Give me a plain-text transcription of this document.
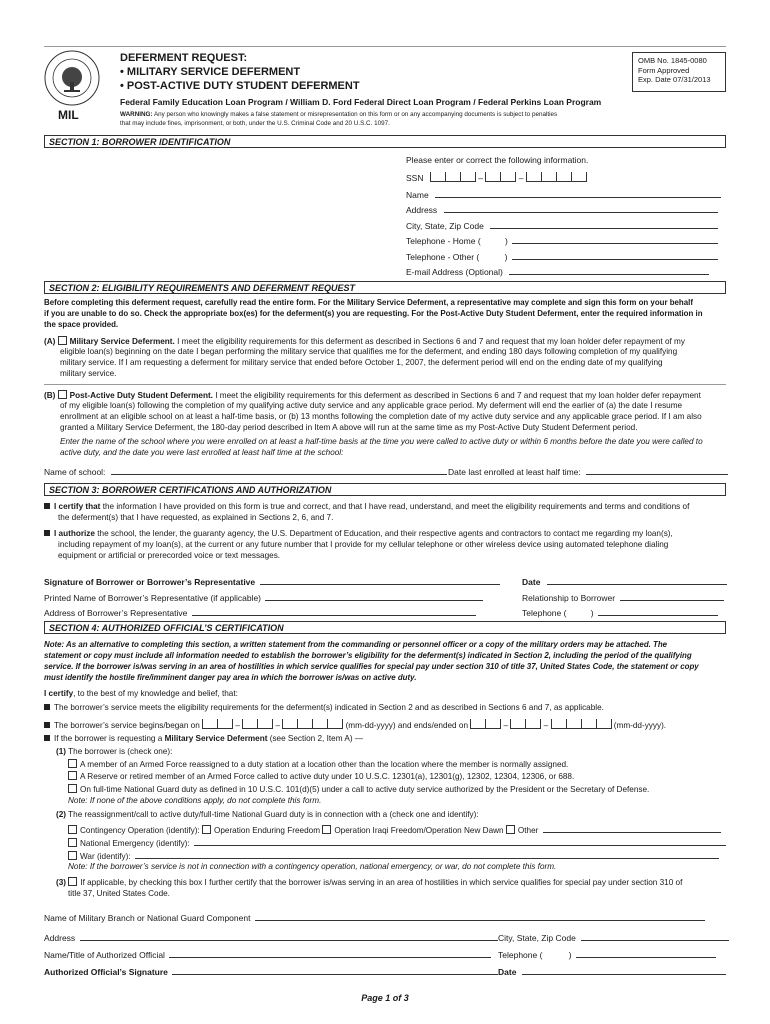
MIL
DEFERMENT REQUEST:
• MILITARY SERVICE DEFERMENT
• POST-ACTIVE DUTY STUDENT DEFERMENT
OMB No. 1845-0080
Form Approved
Exp. Date 07/31/2013
Federal Family Education Loan Program / William D. Ford Federal Direct Loan Program / Federal Perkins Loan Program
WARNING: Any person who knowingly makes a false statement or misrepresentation on this form or on any accompanying documents is subject to penalties
that may include fines, imprisonment, or both, under the U.S. Criminal Code and 20 U.S.C. 1097.
SECTION 1: BORROWER IDENTIFICATION
Please enter or correct the following information.
SSN	–	–
Name
Address
City, State, Zip Code
Telephone - Home (	)
Telephone - Other (	)
E-mail Address (Optional)
SECTION 2: ELIGIBILITY REQUIREMENTS AND DEFERMENT REQUEST
Before completing this deferment request, carefully read the entire form. For the Military Service Deferment, a representative may complete and sign this form on your behalf
if you are unable to do so. Check the appropriate box(es) for the deferment(s) you are requesting. For the Post-Active Duty Student Deferment, enter the required information in
the space provided.
(A) Military Service Deferment. I meet the eligibility requirements for this deferment as described in Sections 6 and 7 and request that my loan holder defer repayment of my
eligible loan(s) beginning on the date I began performing the military service that qualifies me for the deferment, and ending 180 days following completion of my qualifying
military service. If I am requesting a deferment for military service that ended before October 1, 2007, the deferment period will end on the ending date of my qualifying
military service.
(B) Post-Active Duty Student Deferment. I meet the eligibility requirements for this deferment as described in Sections 6 and 7 and request that my loan holder defer repayment
of my eligible loan(s) following the completion of my qualifying active duty service and any applicable grace period. My deferment will end the earlier of (a) the date I resume
enrollment at an eligible school on at least a half-time basis, or (b) 13 months following the completion date of my active duty service and any applicable grace period. If I am also
granted a Military Service Deferment, the 180-day period described in Item A above will run at the same time as my Post-Active Duty Student Deferment period.
Enter the name of the school where you were enrolled on at least a half-time basis at the time you were called to active duty or within 6 months before the date you were called to
active duty, and the date you were last enrolled at least half time at the school:
Name of school:	Date last enrolled at least half time:
SECTION 3: BORROWER CERTIFICATIONS AND AUTHORIZATION
I certify that the information I have provided on this form is true and correct, and that I have read, understand, and meet the eligibility requirements and terms and conditions of
the deferment(s) that I have requested, as explained in Sections 2, 6, and 7.
I authorize the school, the lender, the guaranty agency, the U.S. Department of Education, and their respective agents and contractors to contact me regarding my loan(s),
including repayment of my loan(s), at the current or any future number that I provide for my cellular telephone or other wireless device using automated telephone dialing
equipment or artificial or prerecorded voice or text messages.
Signature of Borrower or Borrower’s Representative	Date
Printed Name of Borrower’s Representative (if applicable)	Relationship to Borrower
Address of Borrower’s Representative	Telephone (	)
SECTION 4: AUTHORIZED OFFICIAL’S CERTIFICATION
Note: As an alternative to completing this section, a written statement from the commanding or personnel officer or a copy of the military orders may be attached. The
statement or copy must include all information needed to establish the borrower’s eligibility for the deferment(s) indicated in Section 2, including the period of the qualifying
service. If the borrower is/was serving in an area of hostilities in which service qualifies for special pay under section 310 of title 37, United States Code, the statement or copy
must identify the hostile fire/imminent danger pay area in which the borrower is/was on active duty.
I certify, to the best of my knowledge and belief, that:
The borrower’s service meets the eligibility requirements for the deferment(s) indicated in Section 2 and as described in Sections 6 and 7, as applicable.
The borrower’s service begins/began on	–	–	(mm-dd-yyyy) and ends/ended on	–	–	(mm-dd-yyyy).
If the borrower is requesting a Military Service Deferment (see Section 2, Item A) —
(1) The borrower is (check one):
A member of an Armed Force reassigned to a duty station at a location other than the location where the member is normally assigned.
A Reserve or retired member of an Armed Force called to active duty under 10 U.S.C. 12301(a), 12301(g), 12302, 12304, 12306, or 688.
On full-time National Guard duty as defined in 10 U.S.C. 101(d)(5) under a call to active duty service authorized by the President or the Secretary of Defense.
Note: If none of the above conditions apply, do not complete this form.
(2) The reassignment/call to active duty/full-time National Guard duty is in connection with a (check one and identify):
Contingency Operation (identify): Operation Enduring Freedom Operation Iraqi Freedom/Operation New Dawn Other
National Emergency (identify):
War (identify):
Note: If the borrower’s service is not in connection with a contingency operation, national emergency, or war, do not complete this form.
(3) If applicable, by checking this box I further certify that the borrower is/was serving in an area of hostilities in which service qualifies for special pay under section 310 of
title 37, United States Code.
Name of Military Branch or National Guard Component
Address	City, State, Zip Code
Name/Title of Authorized Official	Telephone (	)
Authorized Official’s Signature	Date
Page 1 of 3
